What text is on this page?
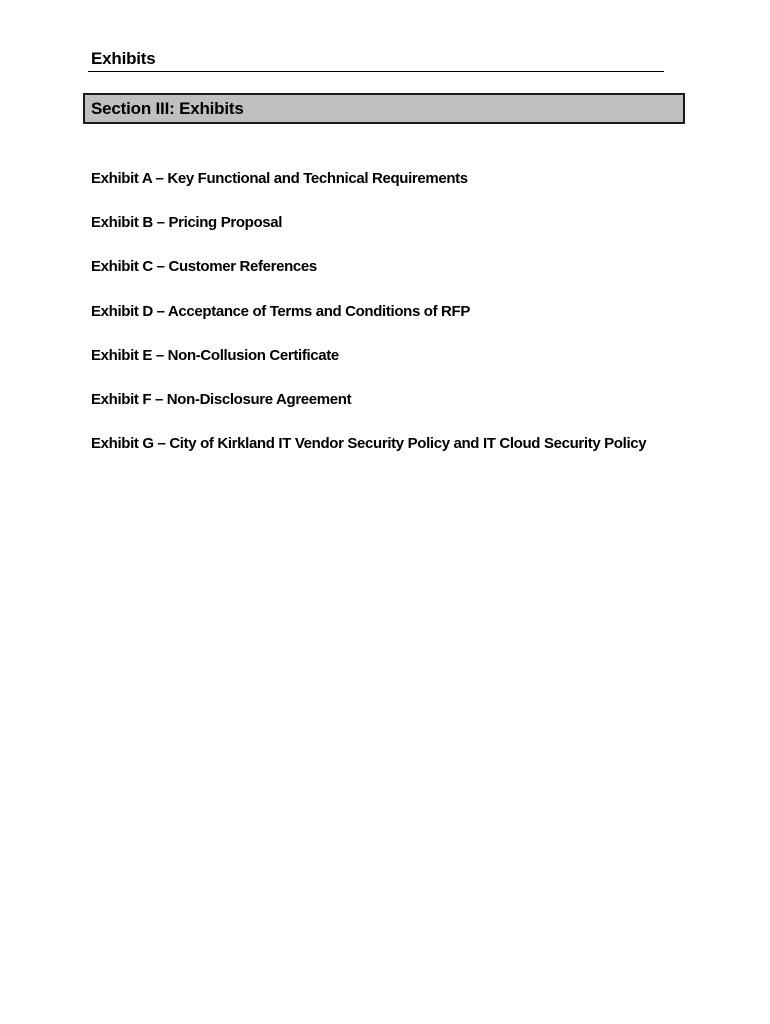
Exhibits
Section III: Exhibits
Exhibit A – Key Functional and Technical Requirements
Exhibit B – Pricing Proposal
Exhibit C – Customer References
Exhibit D – Acceptance of Terms and Conditions of RFP
Exhibit E – Non-Collusion Certificate
Exhibit F – Non-Disclosure Agreement
Exhibit G – City of Kirkland IT Vendor Security Policy and IT Cloud Security Policy
